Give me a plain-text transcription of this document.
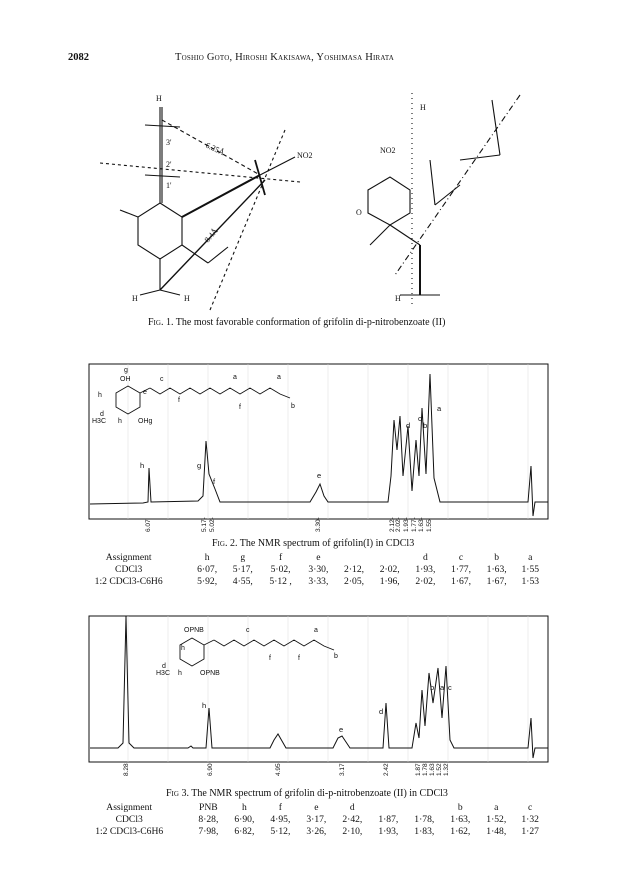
2082	Toshio Goto, Hiroshi Kakisawa, Yoshimasa Hirata
H
3'
2'
1'
NO2
6.25Å
8.4Å
H	H
H
NO2
O
H
Fig. 1. The most favorable conformation of grifolin di-p-nitrobenzoate (II)
h	g
f
e
d
c
b
a
g
OH	c	a	a
e
b
h
f
f
d
H3C h OHg
6.07	5.17- 5.02-	3.30-	2.12- 2.02- 1.93- 1.77- 1.63- 1.55
Fig. 2. The NMR spectrum of grifolin(I) in CDCl3
Assignment	h	g	f	e			d	c	b	a
CDCl3	6·07,	5·17,	5·02,	3·30,	2·12,	2·02,	1·93,	1·77,	1·63,	1·55
1:2 CDCl3-C6H6	5·92,	4·55,	5·12 ,	3·33,	2·05,	1·96,	2·02,	1·67,	1·67,	1·53
h
e
d
b a c
OPNB	c	a
h
f	f	b
d
H3C h	OPNB
8.28	6.90	4.95	3.17	2.42	1.87 1.78 1.63 1.52 1.32
Fig 3. The NMR spectrum of grifolin di-p-nitrobenzoate (II) in CDCl3
Assignment	PNB	h	f	e	d			b	a	c
CDCl3	8·28,	6·90,	4·95,	3·17,	2·42,	1·87,	1·78,	1·63,	1·52,	1·32
1:2 CDCl3-C6H6	7·98,	6·82,	5·12,	3·26,	2·10,	1·93,	1·83,	1·62,	1·48,	1·27
